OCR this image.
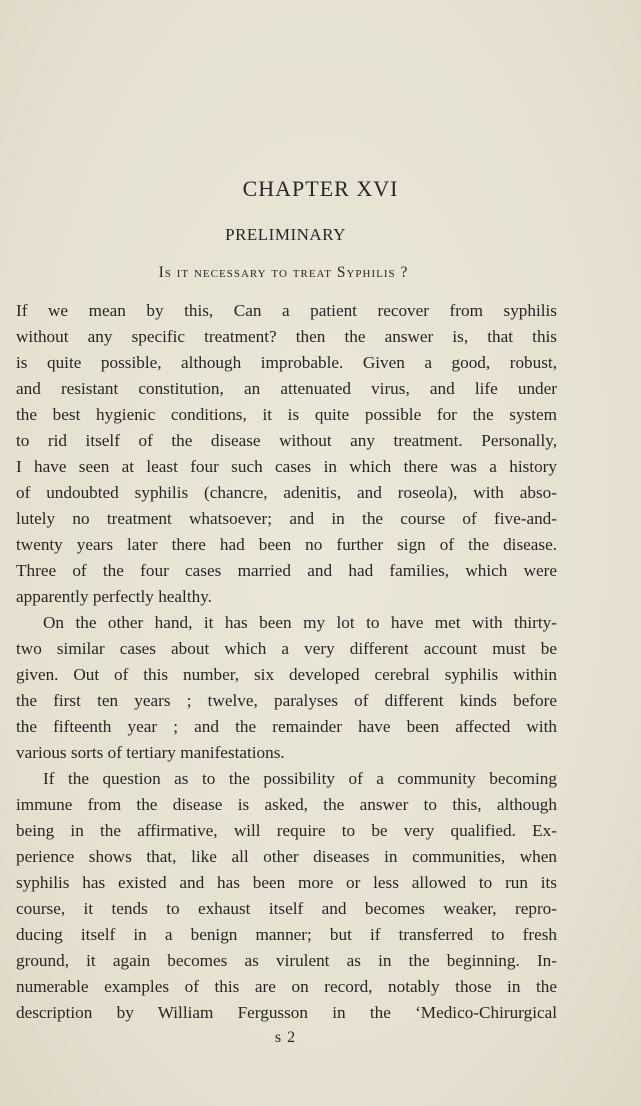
CHAPTER XVI
PRELIMINARY
Is it necessary to treat Syphilis ?

If we mean by this, Can a patient recover from syphilis
without any specific treatment? then the answer is, that this
is quite possible, although improbable. Given a good, robust,
and resistant constitution, an attenuated virus, and life under
the best hygienic conditions, it is quite possible for the system
to rid itself of the disease without any treatment. Personally,
I have seen at least four such cases in which there was a history
of undoubted syphilis (chancre, adenitis, and roseola), with abso-
lutely no treatment whatsoever; and in the course of five-and-
twenty years later there had been no further sign of the disease.
Three of the four cases married and had families, which were
apparently perfectly healthy.

On the other hand, it has been my lot to have met with thirty-
two similar cases about which a very different account must be
given. Out of this number, six developed cerebral syphilis within
the first ten years ; twelve, paralyses of different kinds before
the fifteenth year ; and the remainder have been affected with
various sorts of tertiary manifestations.

If the question as to the possibility of a community becoming
immune from the disease is asked, the answer to this, although
being in the affirmative, will require to be very qualified. Ex-
perience shows that, like all other diseases in communities, when
syphilis has existed and has been more or less allowed to run its
course, it tends to exhaust itself and becomes weaker, repro-
ducing itself in a benign manner; but if transferred to fresh
ground, it again becomes as virulent as in the beginning. In-
numerable examples of this are on record, notably those in the
description by William Fergusson in the ‘Medico-Chirurgical

s 2
